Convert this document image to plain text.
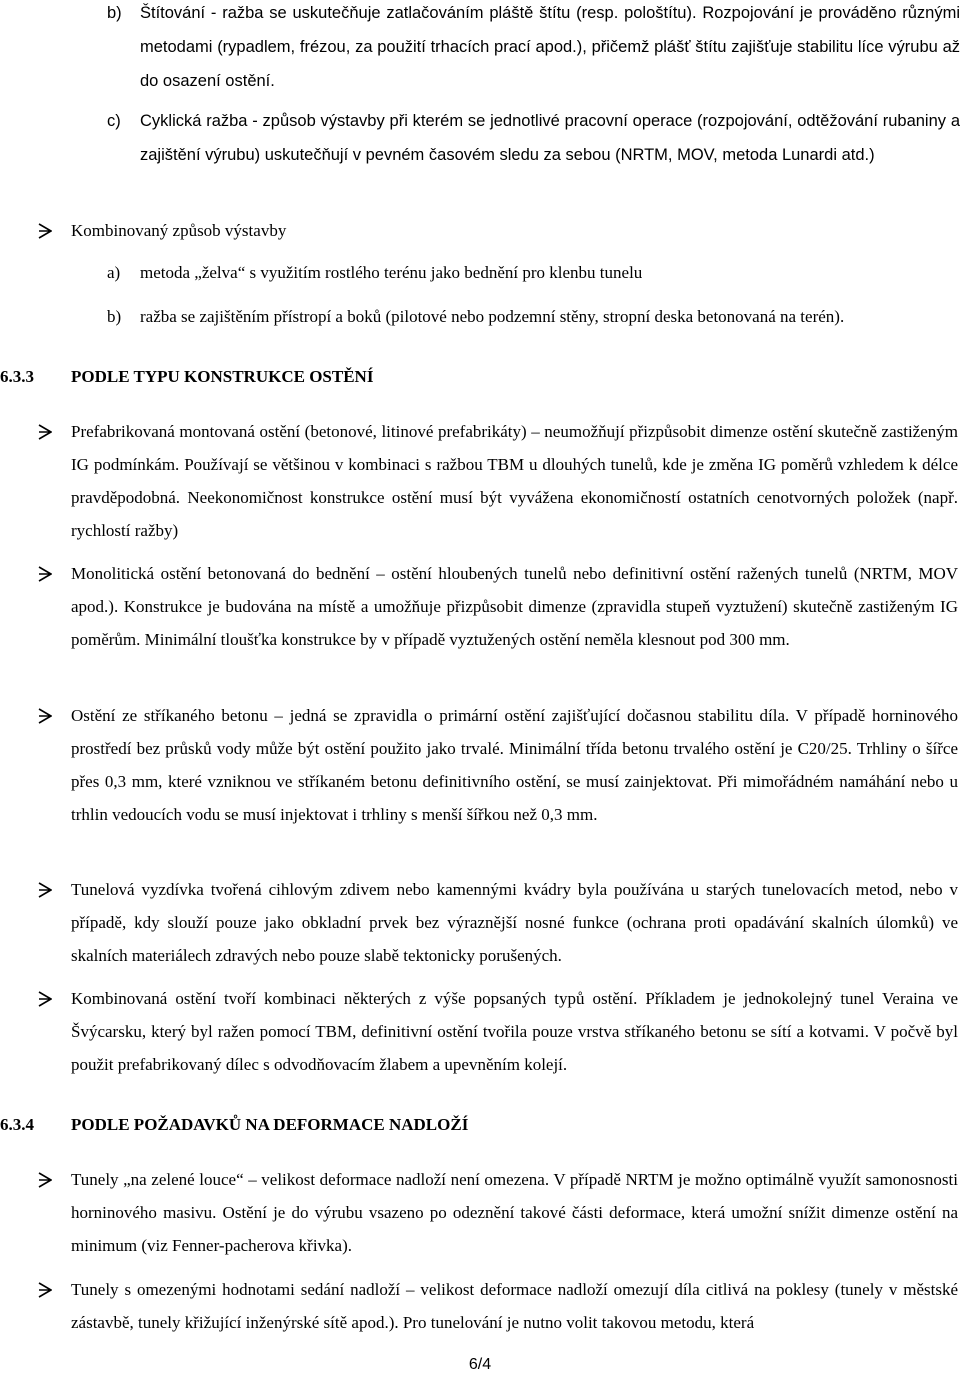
b)	Štítování - ražba se uskutečňuje zatlačováním pláště štítu (resp. pološtítu). Rozpojování je prováděno různými metodami (rypadlem, frézou, za použití trhacích prací apod.), přičemž plášť štítu zajišťuje stabilitu líce výrubu až do osazení ostění.
c)	Cyklická ražba - způsob výstavby při kterém se jednotlivé pracovní operace (rozpojování, odtěžování rubaniny a zajištění výrubu) uskutečňují v pevném časovém sledu za sebou (NRTM, MOV, metoda Lunardi atd.)
Kombinovaný způsob výstavby
a)	metoda „želva“ s využitím rostlého terénu jako bednění pro klenbu tunelu
b)	ražba se zajištěním přístropí a boků (pilotové nebo podzemní stěny, stropní deska betonovaná na terén).
6.3.3 PODLE TYPU KONSTRUKCE OSTĚNÍ
Prefabrikovaná montovaná ostění (betonové, litinové prefabrikáty) – neumožňují přizpůsobit dimenze ostění skutečně zastiženým IG podmínkám. Používají se většinou v kombinaci s ražbou TBM u dlouhých tunelů, kde je změna IG poměrů vzhledem k délce pravděpodobná. Neekonomičnost konstrukce ostění musí být vyvážena ekonomičností ostatních cenotvorných položek (např. rychlostí ražby)
Monolitická ostění betonovaná do bednění – ostění hloubených tunelů nebo definitivní ostění ražených tunelů (NRTM, MOV apod.). Konstrukce je budována na místě a umožňuje přizpůsobit dimenze (zpravidla stupeň vyztužení) skutečně zastiženým IG poměrům. Minimální tloušťka konstrukce by v případě vyztužených ostění neměla klesnout pod 300 mm.
Ostění ze stříkaného betonu – jedná se zpravidla o primární ostění zajišťující dočasnou stabilitu díla. V případě horninového prostředí bez průsků vody může být ostění použito jako trvalé. Minimální třída betonu trvalého ostění je C20/25. Trhliny o šířce přes 0,3 mm, které vzniknou ve stříkaném betonu definitivního ostění, se musí zainjektovat. Při mimořádném namáhání nebo u trhlin vedoucích vodu se musí injektovat i trhliny s menší šířkou než 0,3 mm.
Tunelová vyzdívka tvořená cihlovým zdivem nebo kamennými kvádry byla používána u starých tunelovacích metod, nebo v případě, kdy slouží pouze jako obkladní prvek bez výraznější nosné funkce (ochrana proti opadávání skalních úlomků) ve skalních materiálech zdravých nebo pouze slabě tektonicky porušených.
Kombinovaná ostění tvoří kombinaci některých z výše popsaných typů ostění. Příkladem je jednokolejný tunel Veraina ve Švýcarsku, který byl ražen pomocí TBM, definitivní ostění tvořila pouze vrstva stříkaného betonu se sítí a kotvami. V počvě byl použit prefabrikovaný dílec s odvodňovacím žlabem a upevněním kolejí.
6.3.4 PODLE POŽADAVKŮ NA DEFORMACE NADLOŽÍ
Tunely „na zelené louce“ – velikost deformace nadloží není omezena. V případě NRTM je možno optimálně využít samonosnosti horninového masivu. Ostění je do výrubu vsazeno po odeznění takové části deformace, která umožní snížit dimenze ostění na minimum (viz Fenner-pacherova křivka).
Tunely s omezenými hodnotami sedání nadloží – velikost deformace nadloží omezují díla citlivá na poklesy (tunely v městské zástavbě, tunely křižující inženýrské sítě apod.). Pro tunelování je nutno volit takovou metodu, která
6/4
